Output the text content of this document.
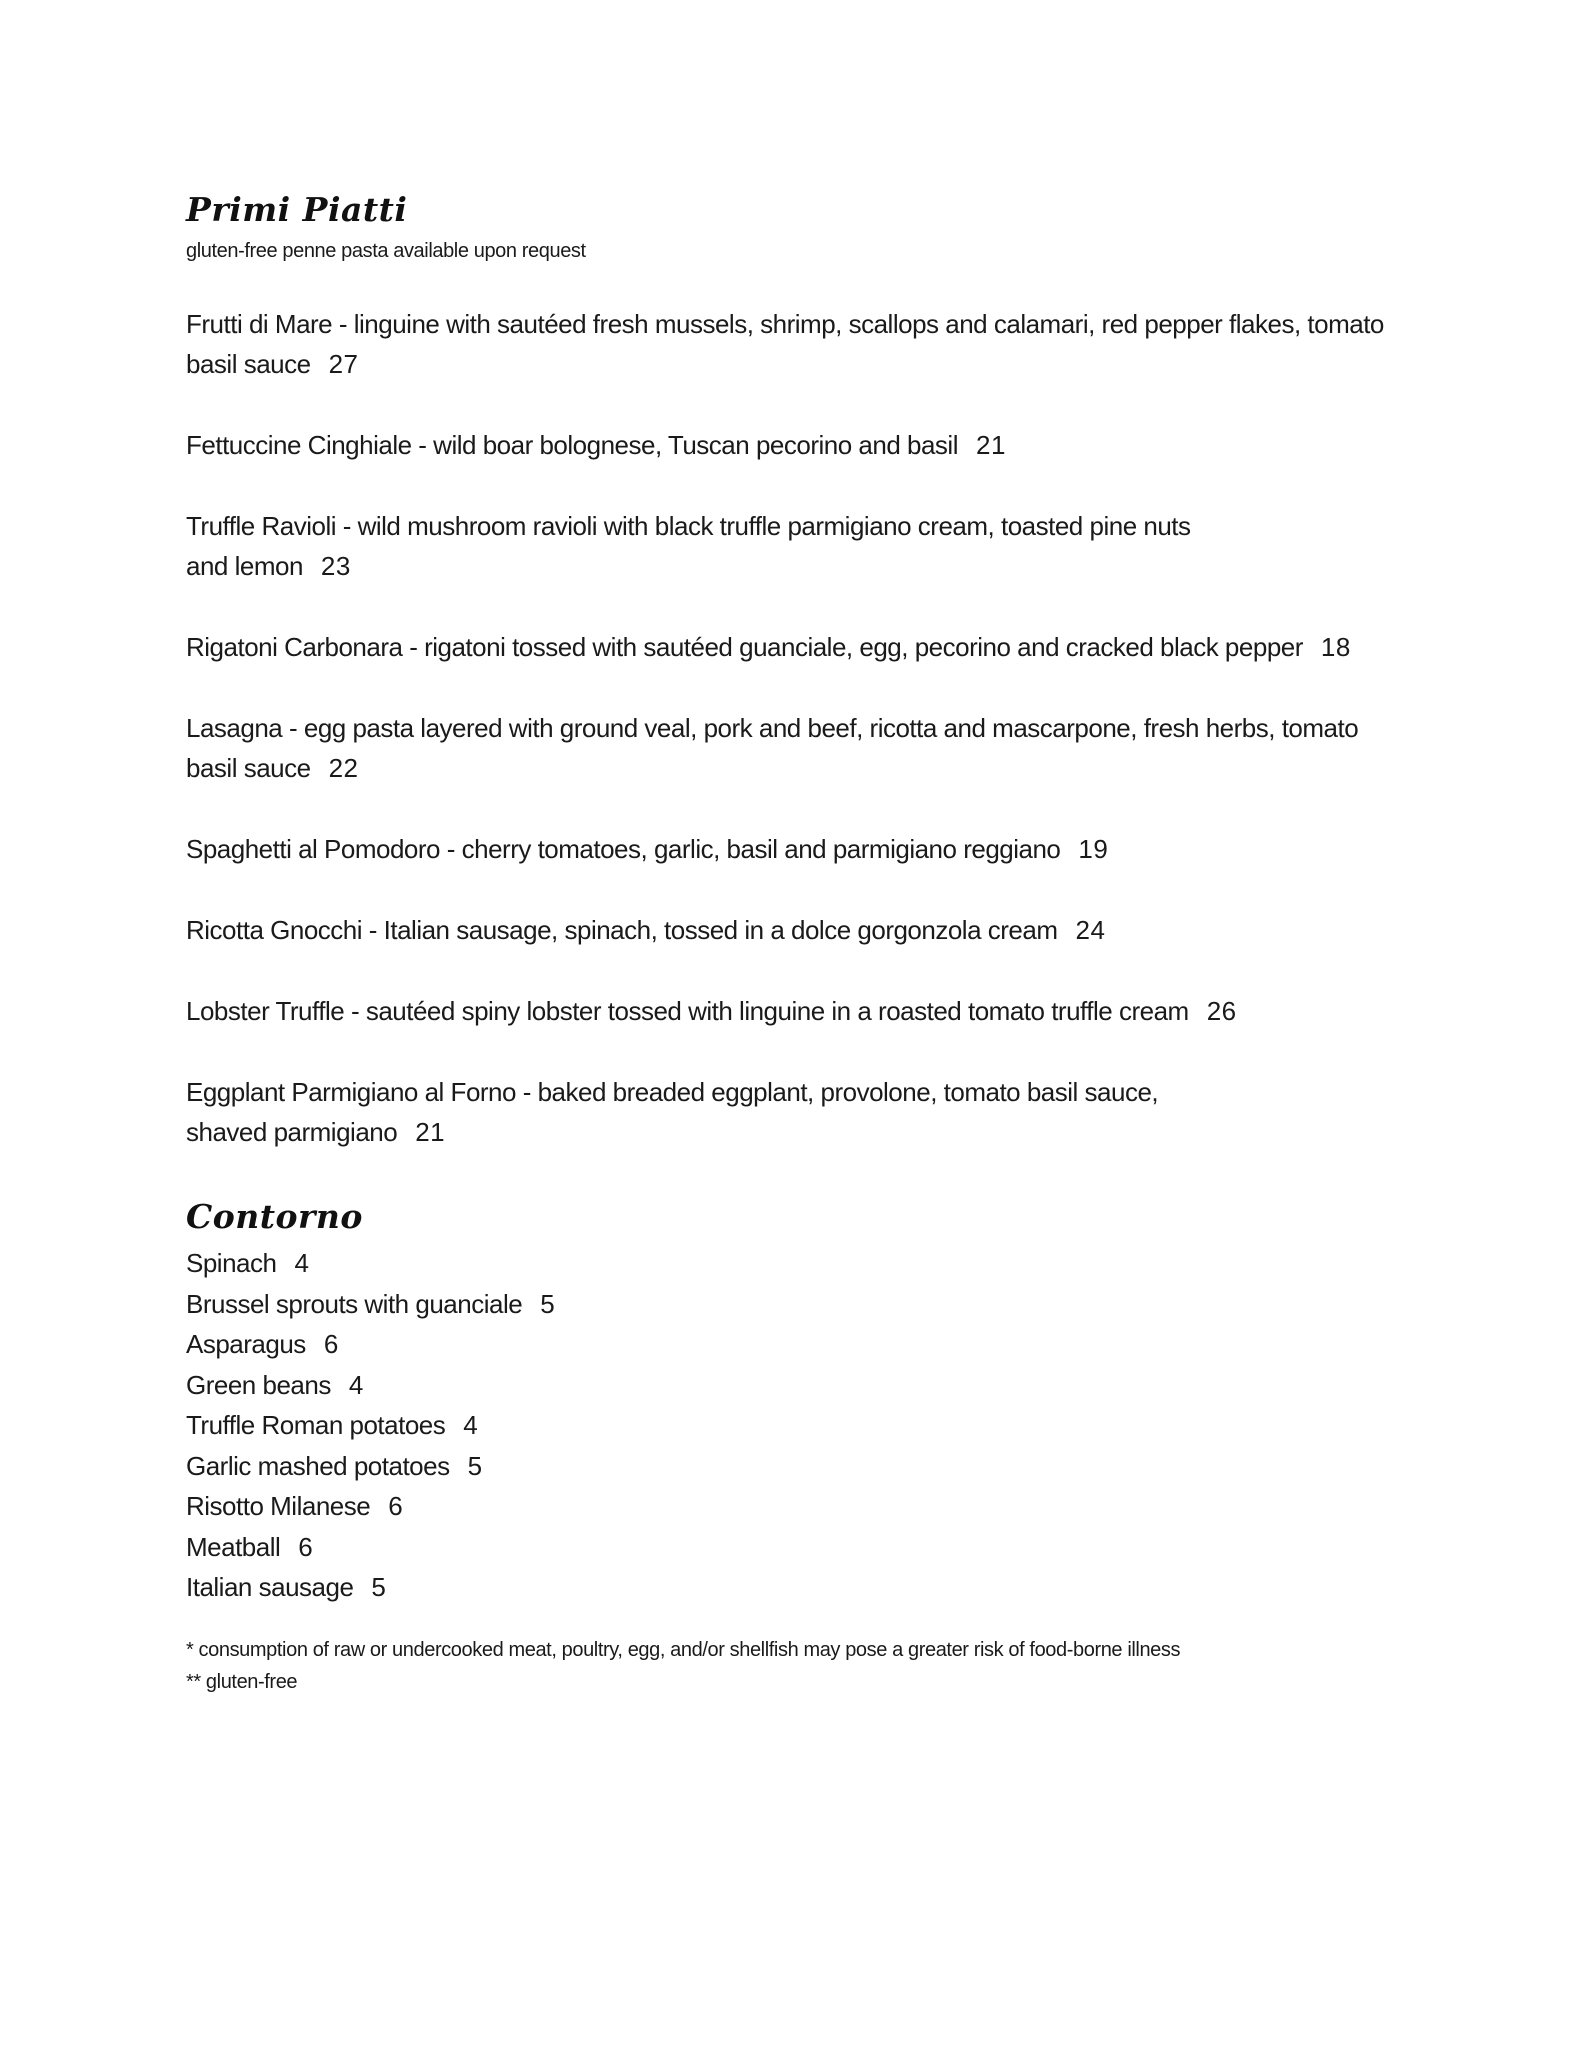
Primi Piatti

gluten-free penne pasta available upon request

Frutti di Mare - linguine with sautéed fresh mussels, shrimp, scallops and calamari, red pepper flakes, tomato
basil sauce 27

Fettuccine Cinghiale - wild boar bolognese, Tuscan pecorino and basil 21

Truffle Ravioli - wild mushroom ravioli with black truffle parmigiano cream, toasted pine nuts
and lemon 23

Rigatoni Carbonara - rigatoni tossed with sautéed guanciale, egg, pecorino and cracked black pepper 18

Lasagna - egg pasta layered with ground veal, pork and beef, ricotta and mascarpone, fresh herbs, tomato
basil sauce 22

Spaghetti al Pomodoro - cherry tomatoes, garlic, basil and parmigiano reggiano 19

Ricotta Gnocchi - Italian sausage, spinach, tossed in a dolce gorgonzola cream 24

Lobster Truffle - sautéed spiny lobster tossed with linguine in a roasted tomato truffle cream 26

Eggplant Parmigiano al Forno - baked breaded eggplant, provolone, tomato basil sauce,
shaved parmigiano 21

Contorno

Spinach 4

Brussel sprouts with guanciale 5

Asparagus 6

Green beans 4

Truffle Roman potatoes 4

Garlic mashed potatoes 5

Risotto Milanese 6

Meatball 6

Italian sausage 5

* consumption of raw or undercooked meat, poultry, egg, and/or shellfish may pose a greater risk of food-borne illness

** gluten-free
